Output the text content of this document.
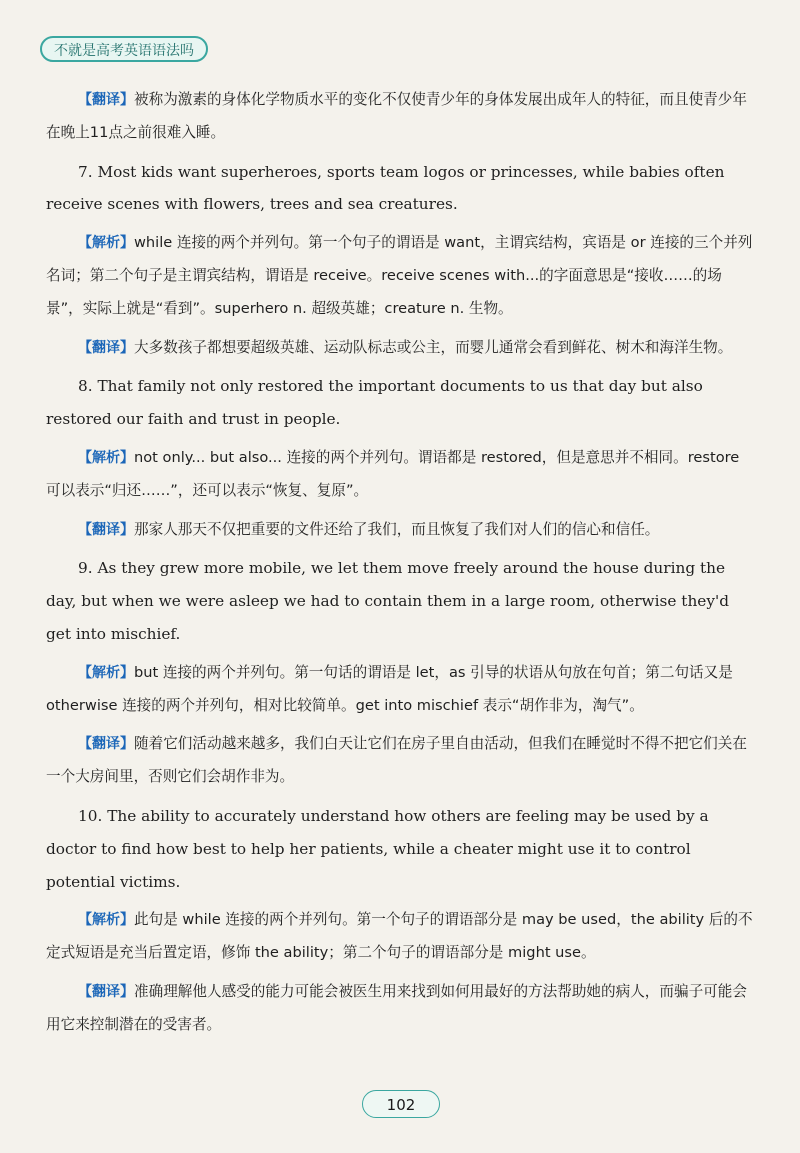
不就是高考英语语法吗

【翻译】被称为激素的身体化学物质水平的变化不仅使青少年的身体发展出成年人的特征，而且使青少年在晚上11点之前很难入睡。

7. Most kids want superheroes, sports team logos or princesses, while babies often receive scenes with flowers, trees and sea creatures.

【解析】while 连接的两个并列句。第一个句子的谓语是 want，主谓宾结构，宾语是 or 连接的三个并列名词；第二个句子是主谓宾结构，谓语是 receive。receive scenes with...的字面意思是“接收……的场景”，实际上就是“看到”。superhero n. 超级英雄；creature n. 生物。

【翻译】大多数孩子都想要超级英雄、运动队标志或公主，而婴儿通常会看到鲜花、树木和海洋生物。

8. That family not only restored the important documents to us that day but also restored our faith and trust in people.

【解析】not only... but also... 连接的两个并列句。谓语都是 restored，但是意思并不相同。restore 可以表示“归还……”，还可以表示“恢复、复原”。

【翻译】那家人那天不仅把重要的文件还给了我们，而且恢复了我们对人们的信心和信任。

9. As they grew more mobile, we let them move freely around the house during the day, but when we were asleep we had to contain them in a large room, otherwise they'd get into mischief.

【解析】but 连接的两个并列句。第一句话的谓语是 let，as 引导的状语从句放在句首；第二句话又是 otherwise 连接的两个并列句，相对比较简单。get into mischief 表示“胡作非为，淘气”。

【翻译】随着它们活动越来越多，我们白天让它们在房子里自由活动，但我们在睡觉时不得不把它们关在一个大房间里，否则它们会胡作非为。

10. The ability to accurately understand how others are feeling may be used by a doctor to find how best to help her patients, while a cheater might use it to control potential victims.

【解析】此句是 while 连接的两个并列句。第一个句子的谓语部分是 may be used，the ability 后的不定式短语是充当后置定语，修饰 the ability；第二个句子的谓语部分是 might use。

【翻译】准确理解他人感受的能力可能会被医生用来找到如何用最好的方法帮助她的病人，而骗子可能会用它来控制潜在的受害者。

102
